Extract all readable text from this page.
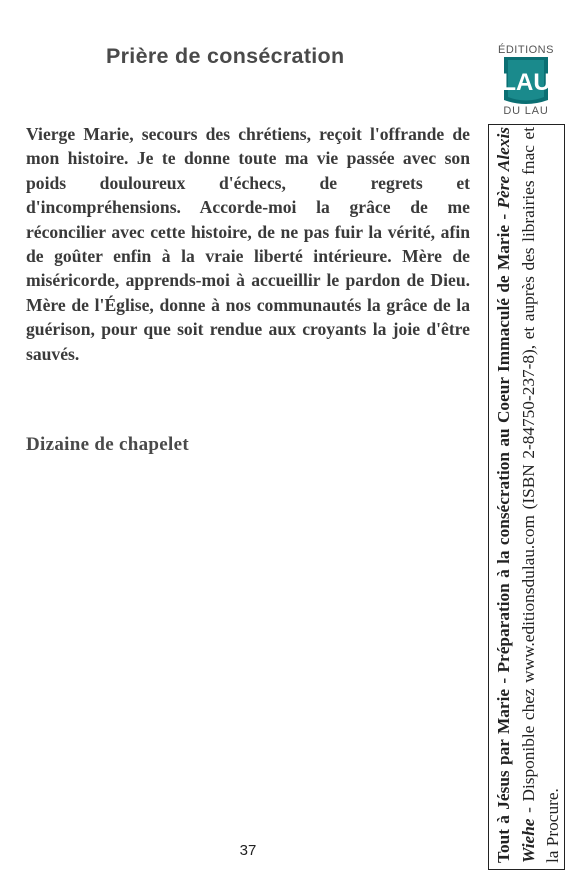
Prière de consécration	ÉDITIONS
LAU
DU LAU

Vierge Marie, secours des chrétiens, reçoit l'offrande de mon histoire. Je te donne toute ma vie passée avec son poids douloureux d'échecs, de regrets et d'incompréhensions. Accorde-moi la grâce de me réconcilier avec cette histoire, de ne pas fuir la vérité, afin de goûter enfin à la vraie liberté intérieure. Mère de miséricorde, apprends-moi à accueillir le pardon de Dieu. Mère de l'Église, donne à nos communautés la grâce de la guérison, pour que soit rendue aux croyants la joie d'être sauvés.

Dizaine de chapelet
37	Tout à Jésus par Marie - Préparation à la consécration au Coeur Immaculé de Marie - Père Alexis Wiehe - Disponible chez www.editionsdulau.com (ISBN 2-84750-237-8), et auprès des librairies fnac et la Procure.
